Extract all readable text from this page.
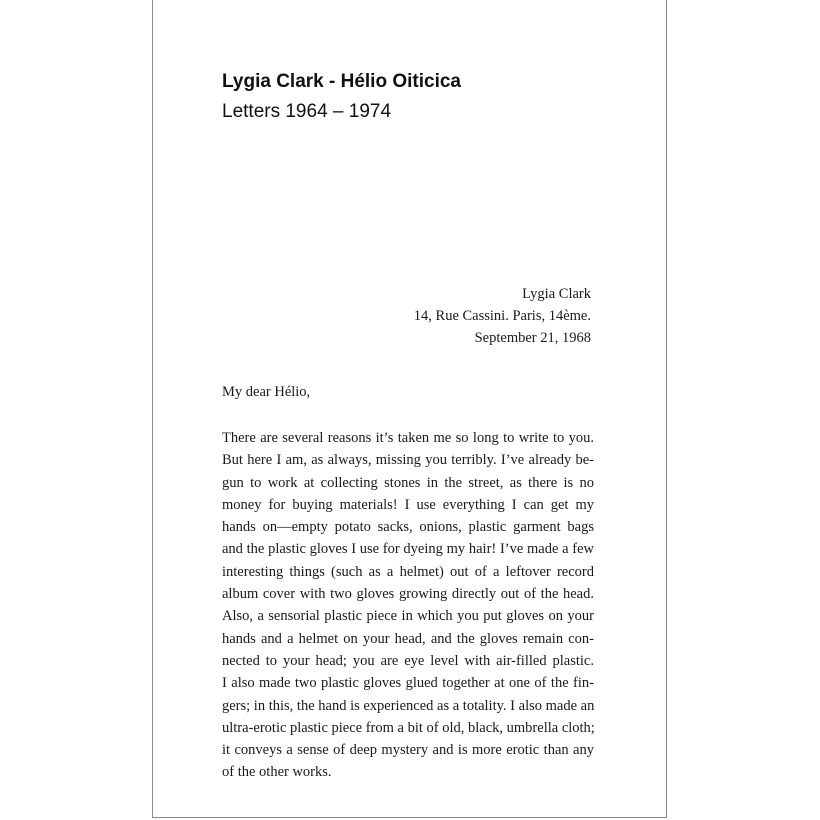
Lygia Clark - Hélio Oiticica
Letters 1964 – 1974
Lygia Clark
14, Rue Cassini. Paris, 14ème.
September 21, 1968
My dear Hélio,
There are several reasons it’s taken me so long to write to you.
But here I am, as always, missing you terribly. I’ve already be-
gun to work at collecting stones in the street, as there is no
money for buying materials! I use everything I can get my
hands on—empty potato sacks, onions, plastic garment bags
and the plastic gloves I use for dyeing my hair! I’ve made a few
interesting things (such as a helmet) out of a leftover record
album cover with two gloves growing directly out of the head.
Also, a sensorial plastic piece in which you put gloves on your
hands and a helmet on your head, and the gloves remain con-
nected to your head; you are eye level with air-filled plastic.
I also made two plastic gloves glued together at one of the fin-
gers; in this, the hand is experienced as a totality. I also made an
ultra-erotic plastic piece from a bit of old, black, umbrella cloth;
it conveys a sense of deep mystery and is more erotic than any
of the other works.
